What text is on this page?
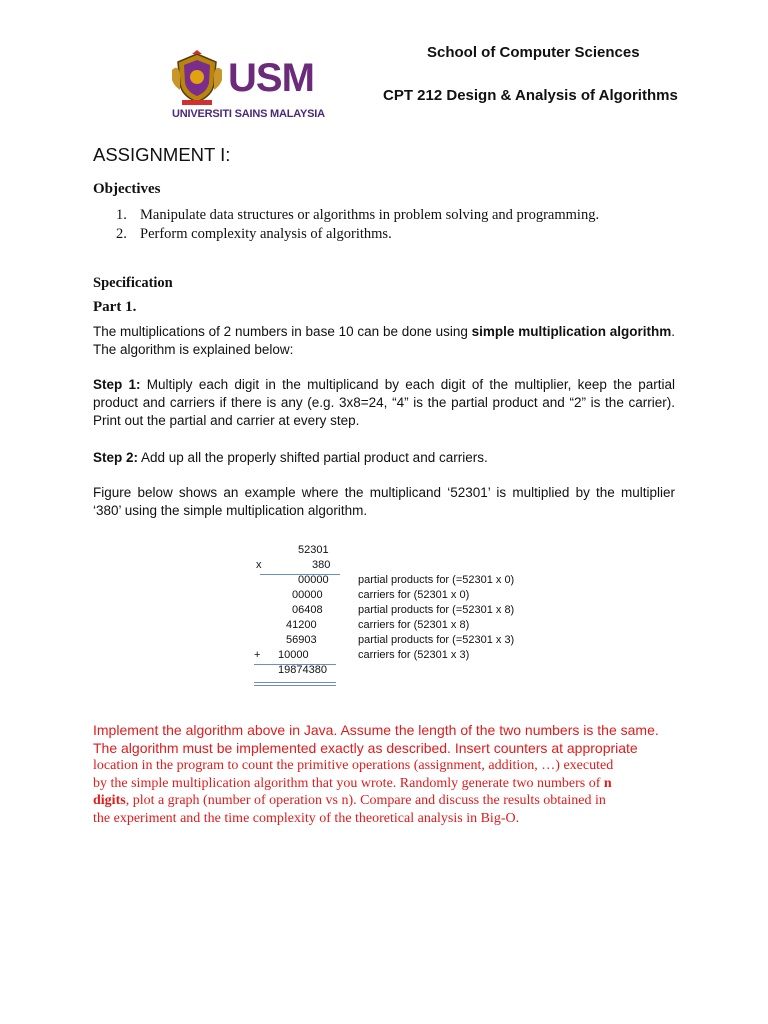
USM
UNIVERSITI SAINS MALAYSIA
School of Computer Sciences
CPT 212 Design & Analysis of Algorithms
ASSIGNMENT I:
Objectives
1. Manipulate data structures or algorithms in problem solving and programming.
2. Perform complexity analysis of algorithms.
Specification
Part 1.
The multiplications of 2 numbers in base 10 can be done using simple multiplication algorithm. The algorithm is explained below:
Step 1: Multiply each digit in the multiplicand by each digit of the multiplier, keep the partial product and carriers if there is any (e.g. 3x8=24, “4” is the partial product and “2” is the carrier). Print out the partial and carrier at every step.
Step 2: Add up all the properly shifted partial product and carriers.
Figure below shows an example where the multiplicand ‘52301’ is multiplied by the multiplier ‘380’ using the simple multiplication algorithm.
52301
x	380
00000	partial products for (=52301 x 0)
00000	carriers for (52301 x 0)
06408	partial products for (=52301 x 8)
41200	carriers for (52301 x 8)
56903	partial products for (=52301 x 3)
+ 10000	carriers for (52301 x 3)
19874380
Implement the algorithm above in Java. Assume the length of the two numbers is the same.
The algorithm must be implemented exactly as described. Insert counters at appropriate
location in the program to count the primitive operations (assignment, addition, …) executed
by the simple multiplication algorithm that you wrote. Randomly generate two numbers of n
digits, plot a graph (number of operation vs n). Compare and discuss the results obtained in
the experiment and the time complexity of the theoretical analysis in Big-O.
